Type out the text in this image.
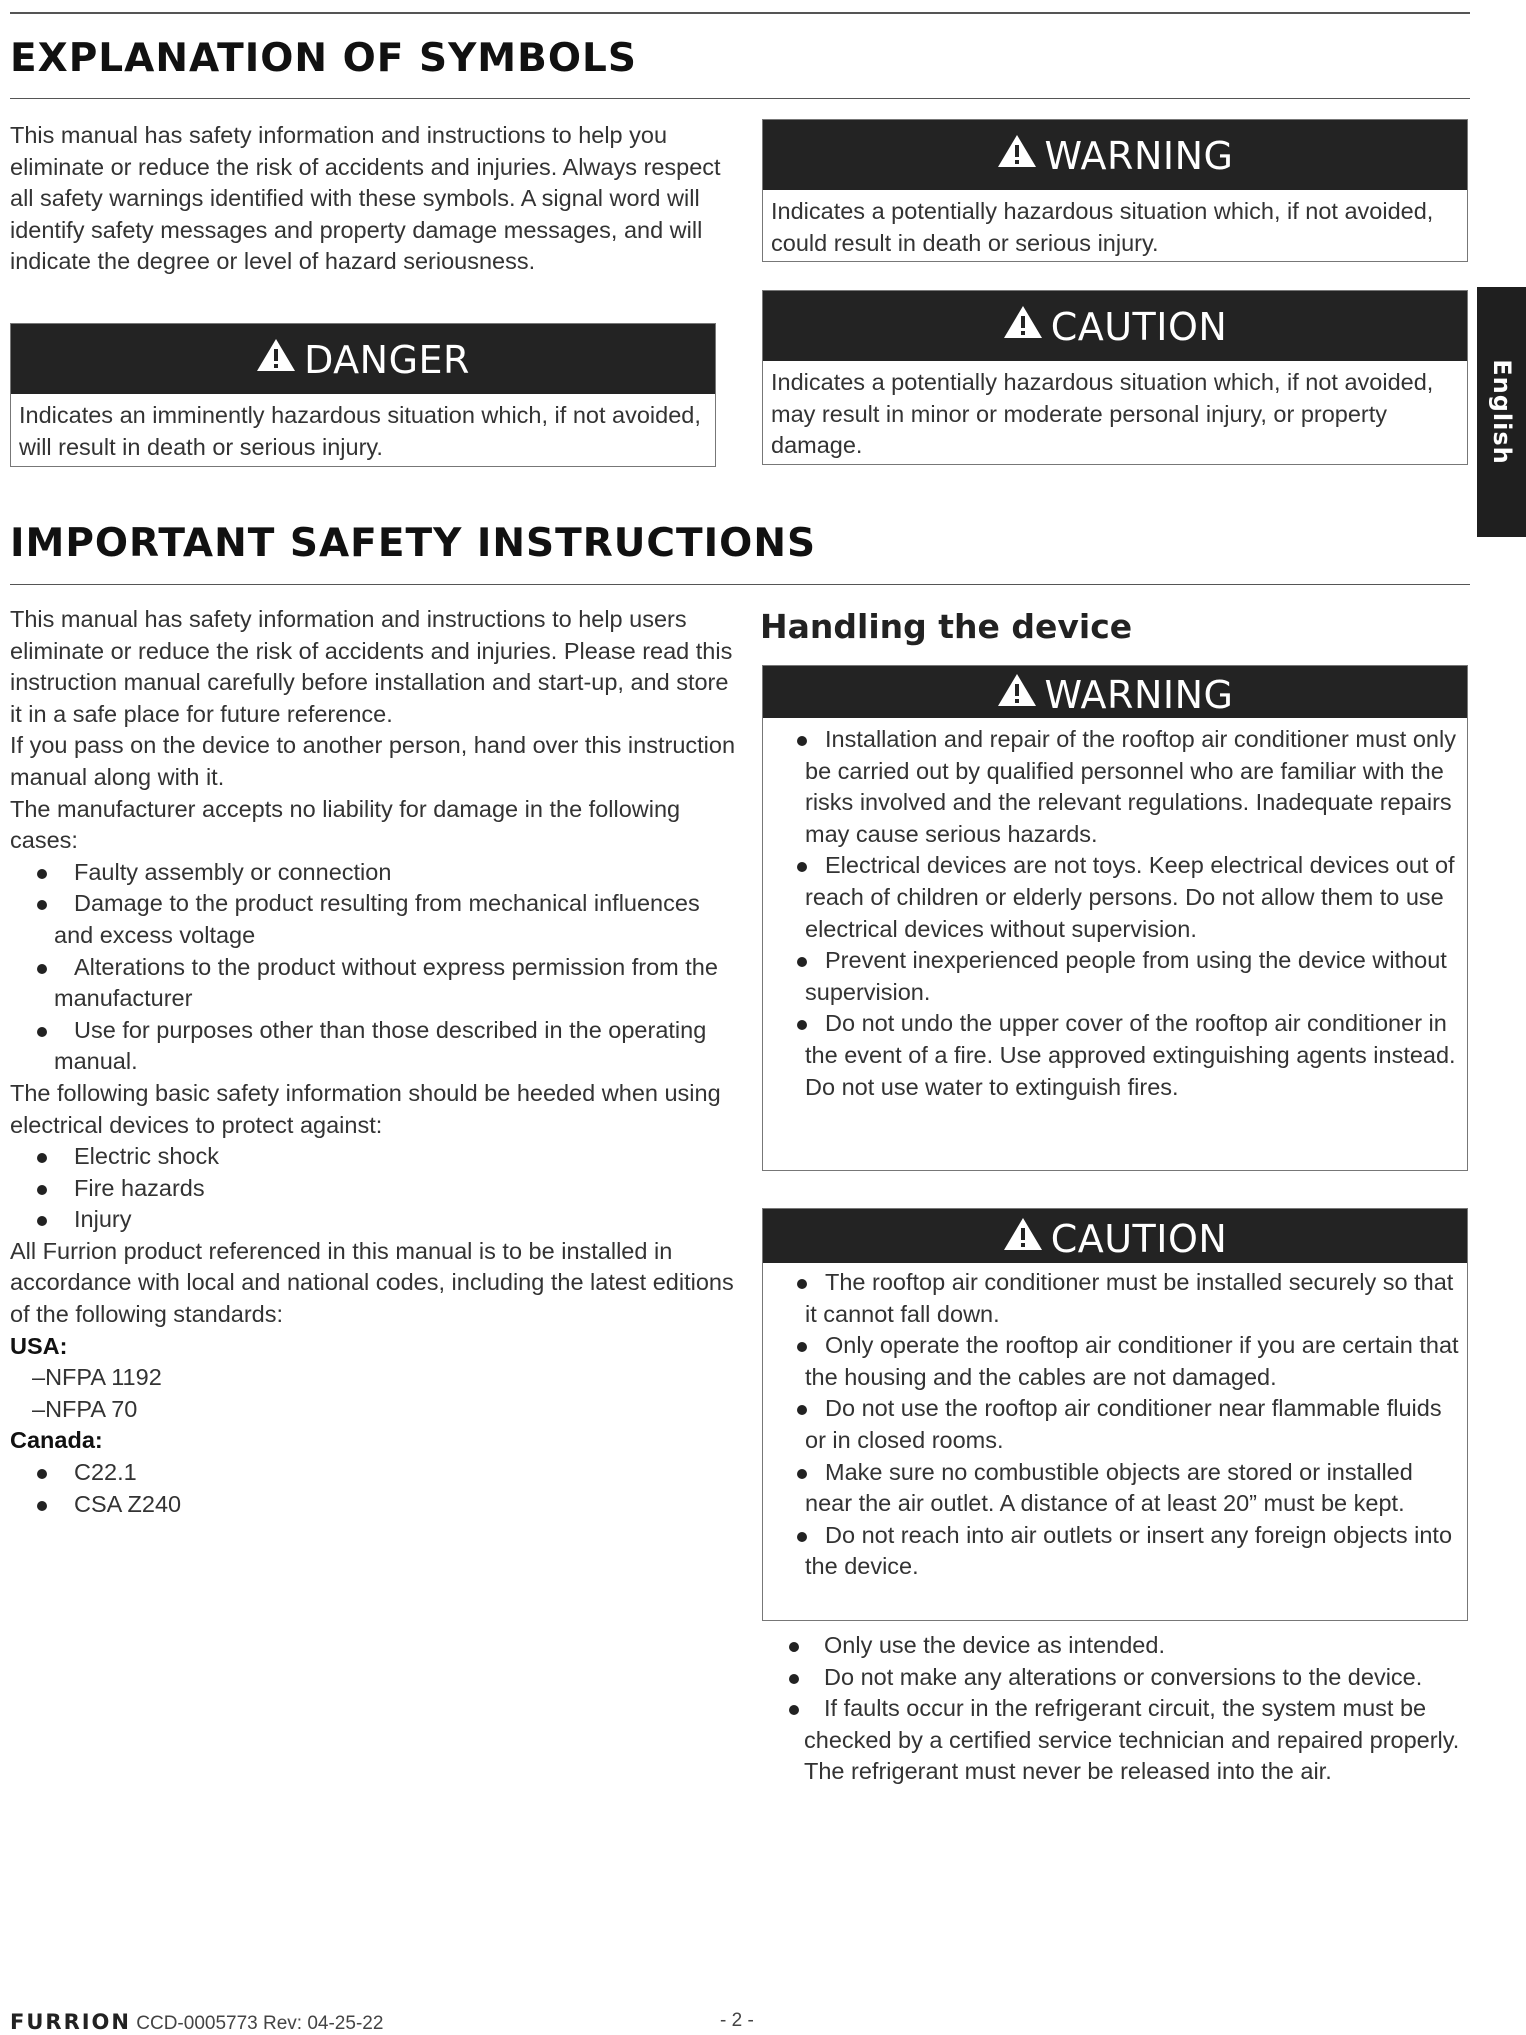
EXPLANATION OF SYMBOLS

This manual has safety information and instructions to help you eliminate or reduce the risk of accidents and injuries. Always respect all safety warnings identified with these symbols. A signal word will identify safety messages and property damage messages, and will indicate the degree or level of hazard seriousness.

DANGER
Indicates an imminently hazardous situation which, if not avoided, will result in death or serious injury.
WARNING
Indicates a potentially hazardous situation which, if not avoided, could result in death or serious injury.
CAUTION
Indicates a potentially hazardous situation which, if not avoided, may result in minor or moderate personal injury, or property damage.	English
IMPORTANT SAFETY INSTRUCTIONS
This manual has safety information and instructions to help users eliminate or reduce the risk of accidents and injuries. Please read this instruction manual carefully before installation and start-up, and store it in a safe place for future reference.
If you pass on the device to another person, hand over this instruction manual along with it.
The manufacturer accepts no liability for damage in the following cases:
Faulty assembly or connection
Damage to the product resulting from mechanical influences and excess voltage
Alterations to the product without express permission from the manufacturer
Use for purposes other than those described in the operating manual.
The following basic safety information should be heeded when using electrical devices to protect against:
Electric shock
Fire hazards
Injury
All Furrion product referenced in this manual is to be installed in accordance with local and national codes, including the latest editions of the following standards:
USA:
–NFPA 1192
–NFPA 70
Canada:
C22.1
CSA Z240
Handling the device
WARNING
Installation and repair of the rooftop air conditioner must only be carried out by qualified personnel who are familiar with the risks involved and the relevant regulations. Inadequate repairs may cause serious hazards.
Electrical devices are not toys. Keep electrical devices out of reach of children or elderly persons. Do not allow them to use electrical devices without supervision.
Prevent inexperienced people from using the device without supervision.
Do not undo the upper cover of the rooftop air conditioner in the event of a fire. Use approved extinguishing agents instead. Do not use water to extinguish fires.
CAUTION
The rooftop air conditioner must be installed securely so that it cannot fall down.
Only operate the rooftop air conditioner if you are certain that the housing and the cables are not damaged.
Do not use the rooftop air conditioner near flammable fluids or in closed rooms.
Make sure no combustible objects are stored or installed near the air outlet. A distance of at least 20” must be kept.
Do not reach into air outlets or insert any foreign objects into the device.
Only use the device as intended.
Do not make any alterations or conversions to the device.
If faults occur in the refrigerant circuit, the system must be checked by a certified service technician and repaired properly. The refrigerant must never be released into the air.
FURRION CCD-0005773 Rev: 04-25-22	- 2 -
